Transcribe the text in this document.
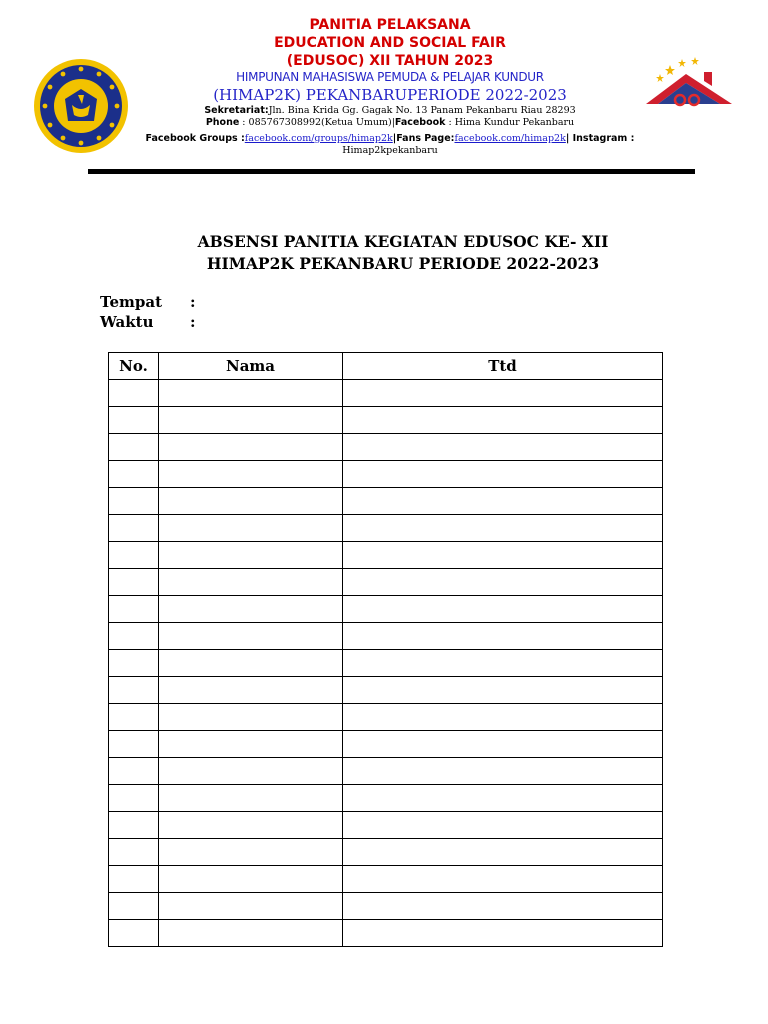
PANITIA PELAKSANA
EDUCATION AND SOCIAL FAIR
(EDUSOC) XII TAHUN 2023
HIMPUNAN MAHASISWA PEMUDA & PELAJAR KUNDUR
(HIMAP2K) PEKANBARUPERIODE 2022-2023
Sekretariat:Jln. Bina Krida Gg. Gagak No. 13 Panam Pekanbaru Riau 28293
Phone : 085767308992(Ketua Umum)|Facebook : Hima Kundur Pekanbaru
Facebook Groups :facebook.com/groups/himap2k|Fans Page:facebook.com/himap2k| Instagram :
Himap2kpekanbaru
ABSENSI PANITIA KEGIATAN EDUSOC KE- XII
HIMAP2K PEKANBARU PERIODE 2022-2023
Tempat :
Waktu :
No.	Nama	Ttd
